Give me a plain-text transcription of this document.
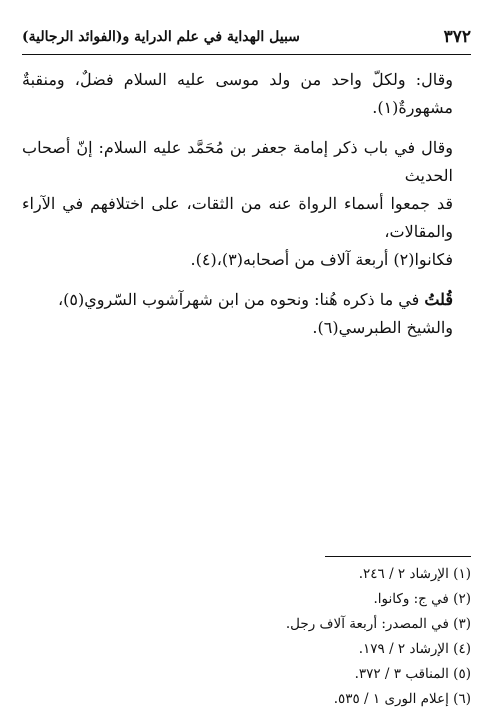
٣٧٢
سبيل الهداية في علم الدراية و(الفوائد الرجالية)

وقال: ولكلّ واحد من ولد موسى عليه السلام فضلٌ، ومنقبةٌ مشهورةٌ(١).

وقال في باب ذكر إمامة جعفر بن مُحَمَّد عليه السلام: إنّ أصحاب الحديث
قد جمعوا أسماء الرواة عنه من الثقات، على اختلافهم في الآراء والمقالات،
فكانوا(٢) أربعة آلاف من أصحابه(٣)،(٤).

قُلتُ في ما ذكره هُنا: ونحوه من ابن شهرآشوب السّروي(٥)،
والشيخ الطبرسي(٦).

(١) الإرشاد ٢ / ٢٤٦.
(٢) في ج: وكانوا.
(٣) في المصدر: أربعة آلاف رجل.
(٤) الإرشاد ٢ / ١٧٩.
(٥) المناقب ٣ / ٣٧٢.
(٦) إعلام الورى ١ / ٥٣٥.
